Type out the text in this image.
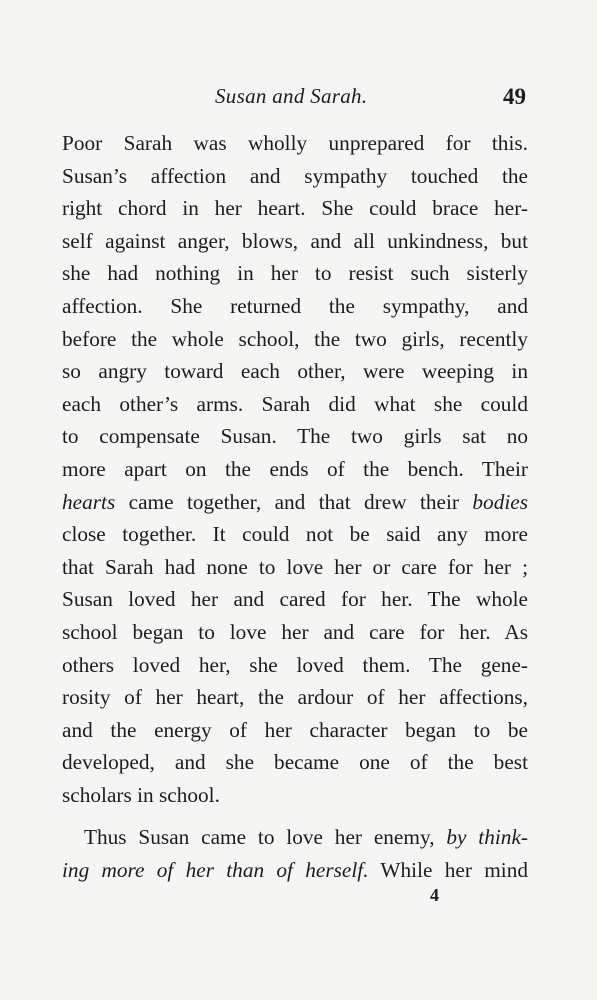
Susan and Sarah.	49
Poor Sarah was wholly unprepared for this.
Susan’s affection and sympathy touched the
right chord in her heart. She could brace her-
self against anger, blows, and all unkindness, but
she had nothing in her to resist such sisterly
affection. She returned the sympathy, and
before the whole school, the two girls, recently
so angry toward each other, were weeping in
each other’s arms. Sarah did what she could
to compensate Susan. The two girls sat no
more apart on the ends of the bench. Their
hearts came together, and that drew their bodies
close together. It could not be said any more
that Sarah had none to love her or care for her ;
Susan loved her and cared for her. The whole
school began to love her and care for her. As
others loved her, she loved them. The gene-
rosity of her heart, the ardour of her affections,
and the energy of her character began to be
developed, and she became one of the best
scholars in school.
Thus Susan came to love her enemy, by think-
ing more of her than of herself. While her mind
4
